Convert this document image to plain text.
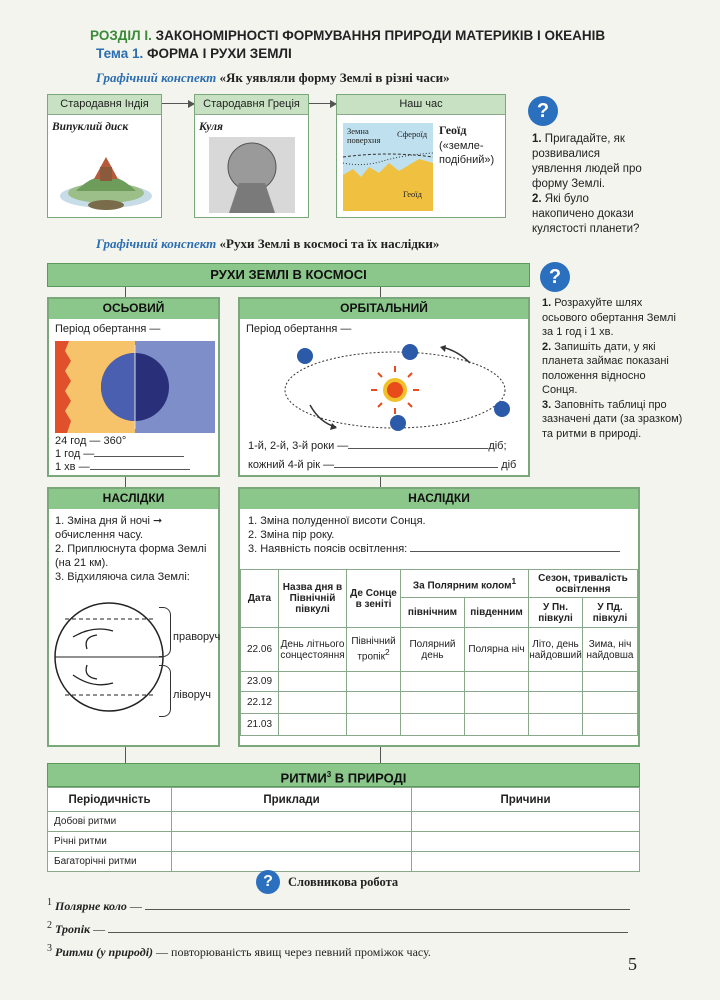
РОЗДІЛ І. ЗАКОНОМІРНОСТІ ФОРМУВАННЯ ПРИРОДИ МАТЕРИКІВ І ОКЕАНІВ
Тема 1. ФОРМА І РУХИ ЗЕМЛІ
Графічний конспект «Як уявляли форму Землі в різні часи»
Стародавня Індія
Випуклий диск
Стародавня Греція
Куля
Наш час
Земна поверхня
Сфероїд
Геоїд
Геоїд
(«земле-подібний»)
?
1. Пригадайте, як розвивалися уявлення людей про форму Землі.
2. Які було накопичено докази кулястості планети?
Графічний конспект «Рухи Землі в космосі та їх наслідки»
РУХИ ЗЕМЛІ В КОСМОСІ
ОСЬОВИЙ
Період обертання —
24 год — 360°
1 год —
1 хв —
ОРБІТАЛЬНИЙ
Період обертання —
1-й, 2-й, 3-й роки —	діб;
кожний 4-й рік —	діб
?
1. Розрахуйте шлях осьового обертання Землі за 1 год і 1 хв.
2. Запишіть дати, у які планета займає показані положення відносно Сонця.
3. Заповніть таблиці про зазначені дати (за зразком) та ритми в природі.
НАСЛІДКИ
1. Зміна дня й ночі ➞ обчислення часу.
2. Приплюснута форма Землі (на 21 км).
3. Відхиляюча сила Землі:
праворуч
ліворуч
НАСЛІДКИ
1. Зміна полуденної висоти Сонця.
2. Зміна пір року.
3. Наявність поясів освітлення:
Дата	Назва дня в Північній півкулі	Де Сонце в зеніті	За Полярним колом$^1$		Сезон, тривалість освітлення	
			північним	південним	У Пн. півкулі	У Пд. півкулі
22.06	День літнього сонцестояння	Північний тропік$^2$	Полярний день	Полярна ніч	Літо, день найдовший	Зима, ніч найдовша
23.09						
22.12						
21.03						
РИТМИ$^3$ В ПРИРОДІ
Періодичність	Приклади	Причини
Добові ритми		
Річні ритми		
Багаторічні ритми		
?	Словникова робота
$^1$ Полярне коло —
$^2$ Тропік —
$^3$ Ритми (у природі) — повторюваність явищ через певний проміжок часу.
5
